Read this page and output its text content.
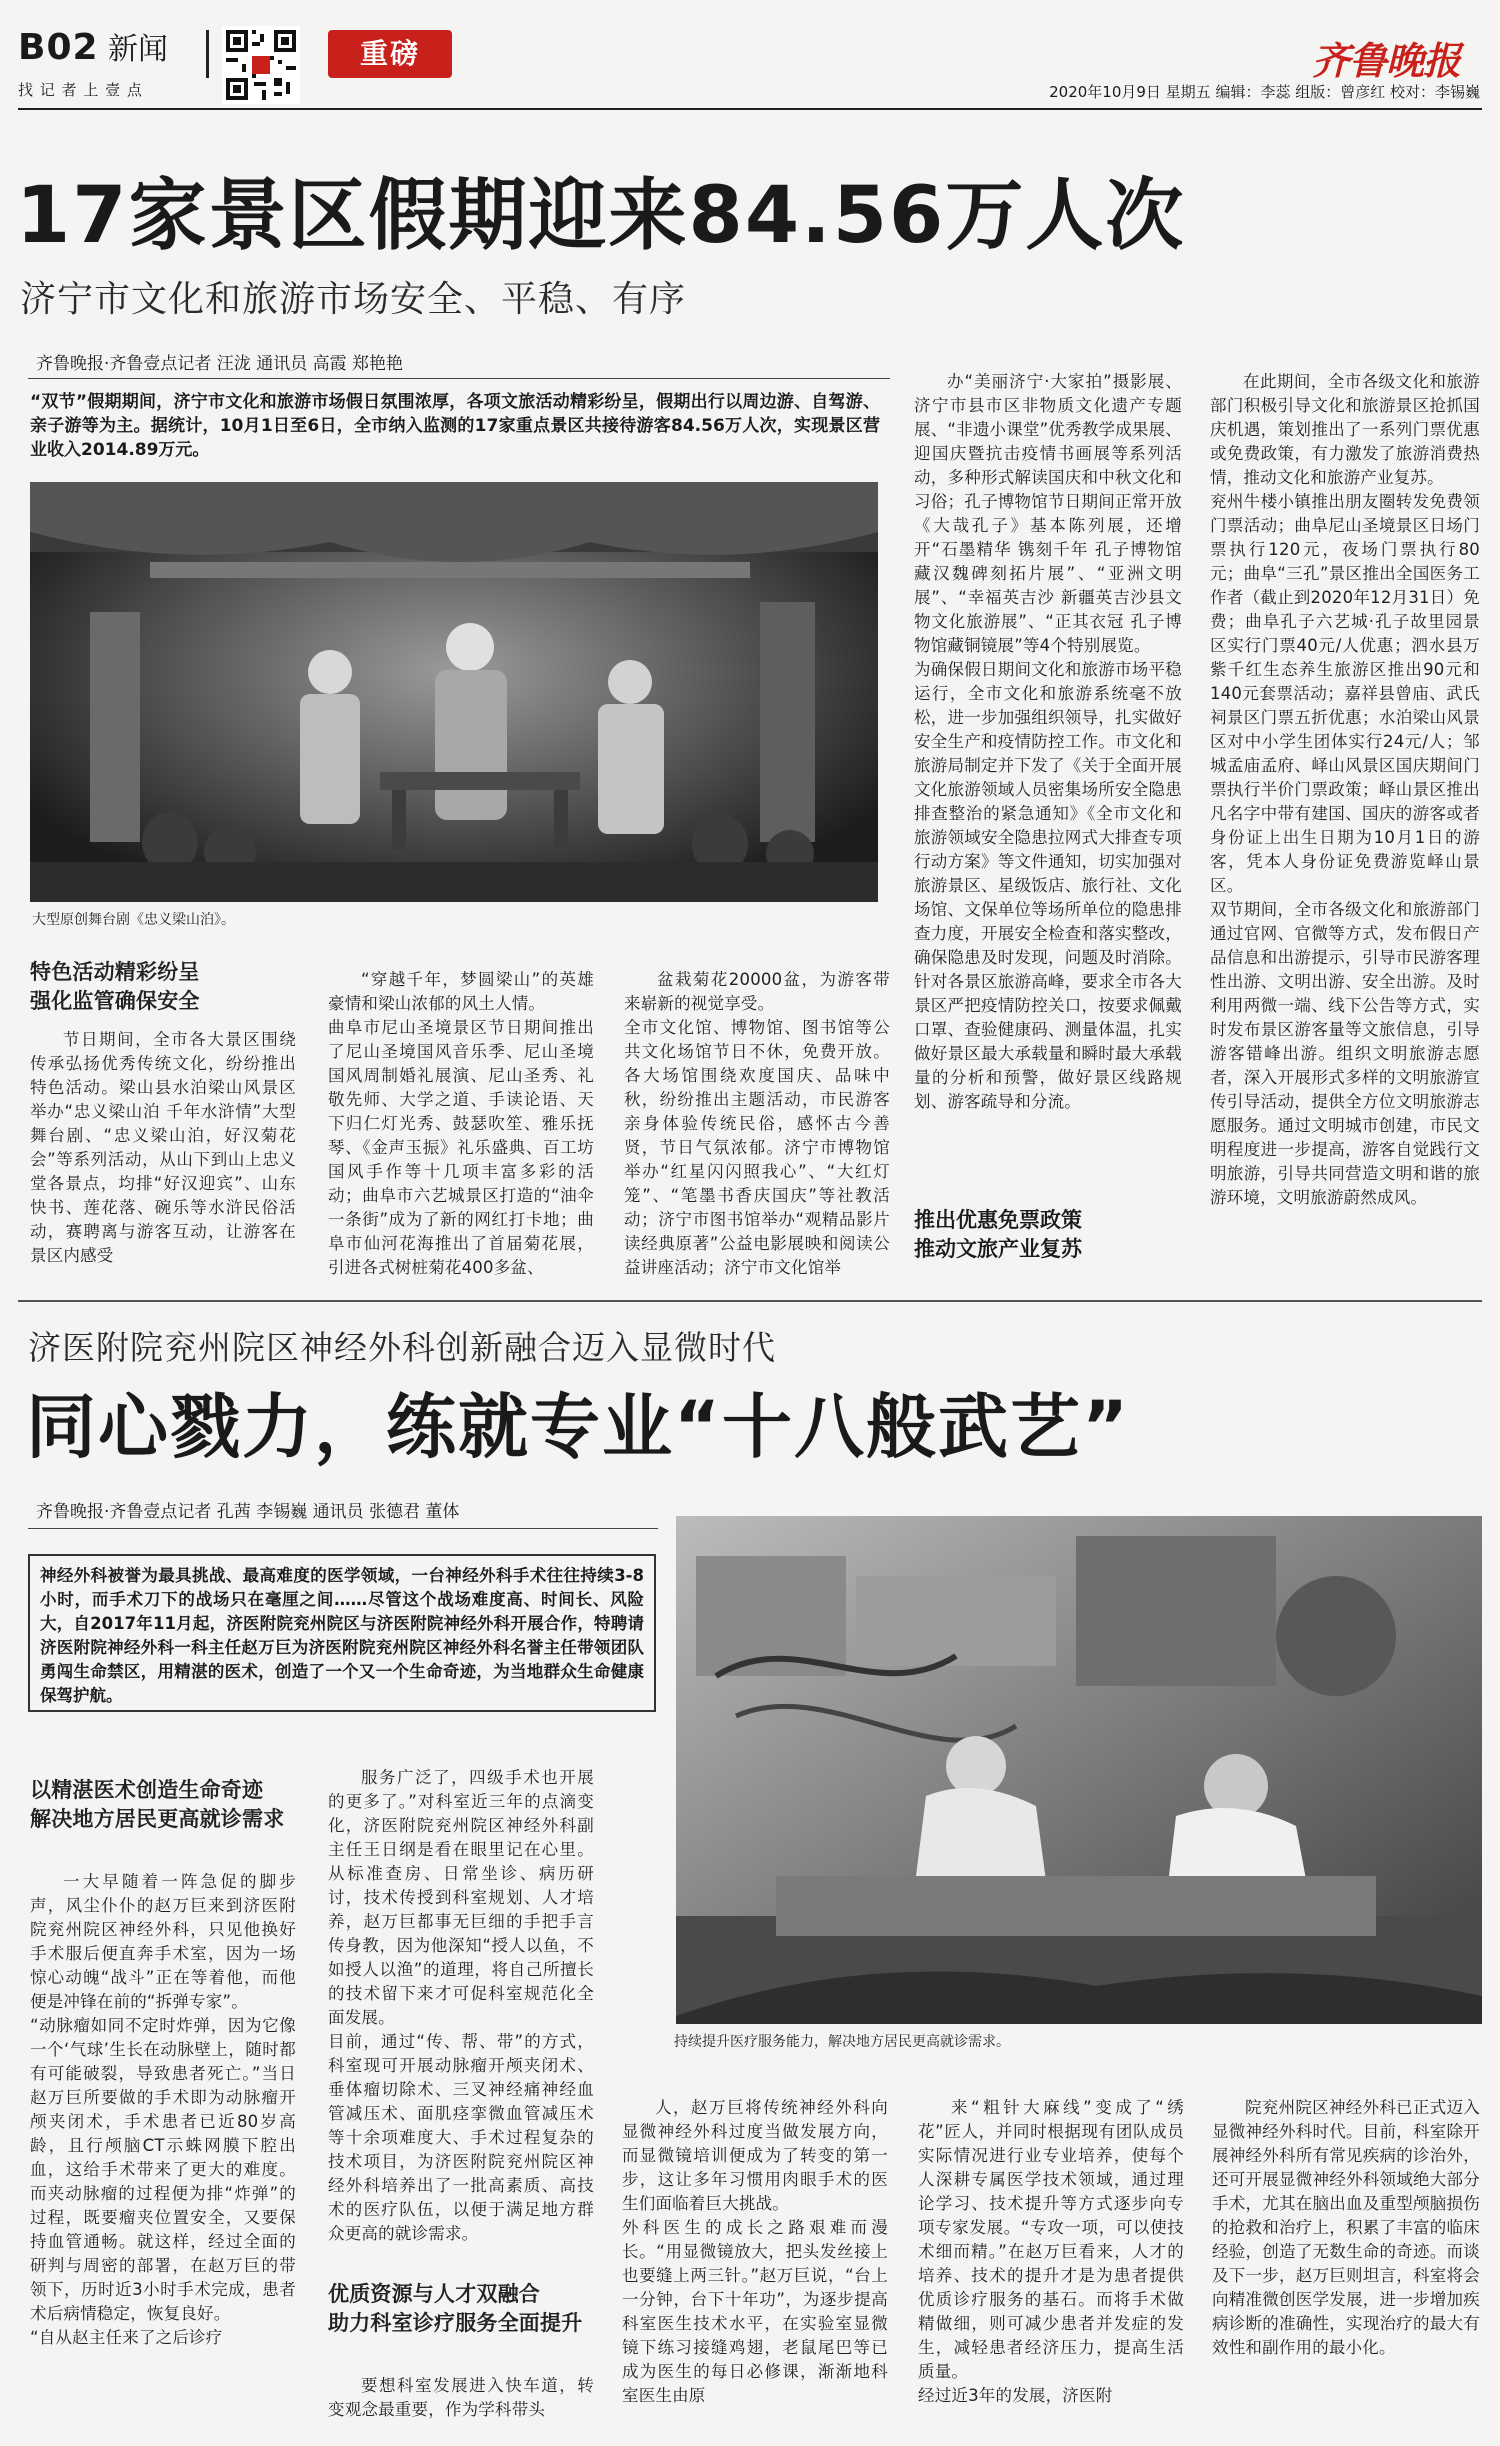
B02 新闻
找 记 者 上 壹 点
重磅	齐鲁晚报
2020年10月9日 星期五 编辑：李蕊 组版：曾彦红 校对：李锡巍
17家景区假期迎来84.56万人次
济宁市文化和旅游市场安全、平稳、有序
齐鲁晚报·齐鲁壹点记者 汪泷 通讯员 高霞 郑艳艳
“双节”假期期间，济宁市文化和旅游市场假日氛围浓厚，各项文旅活动精彩纷呈，假期出行以周边游、自驾游、亲子游等为主。据统计，10月1日至6日，全市纳入监测的17家重点景区共接待游客84.56万人次，实现景区营业收入2014.89万元。
大型原创舞台剧《忠义梁山泊》。
特色活动精彩纷呈
强化监管确保安全

节日期间，全市各大景区围绕传承弘扬优秀传统文化，纷纷推出特色活动。梁山县水泊梁山风景区举办“忠义梁山泊 千年水浒情”大型舞台剧、“忠义梁山泊，好汉菊花会”等系列活动，从山下到山上忠义堂各景点，均排“好汉迎宾”、山东快书、莲花落、碗乐等水浒民俗活动，赛聘离与游客互动，让游客在景区内感受

“穿越千年，梦圆梁山”的英雄豪情和梁山浓郁的风土人情。
曲阜市尼山圣境景区节日期间推出了尼山圣境国风音乐季、尼山圣境国风周制婚礼展演、尼山圣秀、礼敬先师、大学之道、手读论语、天下归仁灯光秀、鼓瑟吹笙、雅乐抚琴、《金声玉振》礼乐盛典、百工坊国风手作等十几项丰富多彩的活动；曲阜市六艺城景区打造的“油伞一条街”成为了新的网红打卡地；曲阜市仙河花海推出了首届菊花展，引进各式树桩菊花400多盆、

盆栽菊花20000盆，为游客带来崭新的视觉享受。
全市文化馆、博物馆、图书馆等公共文化场馆节日不休，免费开放。各大场馆围绕欢度国庆、品味中秋，纷纷推出主题活动，市民游客亲身体验传统民俗，感怀古今善贤，节日气氛浓郁。济宁市博物馆举办“红星闪闪照我心”、“大红灯笼”、“笔墨书香庆国庆”等社教活动；济宁市图书馆举办“观精品影片 读经典原著”公益电影展映和阅读公益讲座活动；济宁市文化馆举

办“美丽济宁·大家拍”摄影展、济宁市县市区非物质文化遗产专题展、“非遗小课堂”优秀教学成果展、迎国庆暨抗击疫情书画展等系列活动，多种形式解读国庆和中秋文化和习俗；孔子博物馆节日期间正常开放《大哉孔子》基本陈列展，还增开“石墨精华 镌刻千年 孔子博物馆藏汉魏碑刻拓片展”、“亚洲文明展”、“幸福英吉沙 新疆英吉沙县文物文化旅游展”、“正其衣冠 孔子博物馆藏铜镜展”等4个特别展览。
为确保假日期间文化和旅游市场平稳运行，全市文化和旅游系统毫不放松，进一步加强组织领导，扎实做好安全生产和疫情防控工作。市文化和旅游局制定并下发了《关于全面开展文化旅游领域人员密集场所安全隐患排查整治的紧急通知》《全市文化和旅游领域安全隐患拉网式大排查专项行动方案》等文件通知，切实加强对旅游景区、星级饭店、旅行社、文化场馆、文保单位等场所单位的隐患排查力度，开展安全检查和落实整改，确保隐患及时发现，问题及时消除。针对各景区旅游高峰，要求全市各大景区严把疫情防控关口，按要求佩戴口罩、查验健康码、测量体温，扎实做好景区最大承载量和瞬时最大承载量的分析和预警，做好景区线路规划、游客疏导和分流。

推出优惠免票政策
推动文旅产业复苏

在此期间，全市各级文化和旅游部门积极引导文化和旅游景区抢抓国庆机遇，策划推出了一系列门票优惠或免费政策，有力激发了旅游消费热情，推动文化和旅游产业复苏。
兖州牛楼小镇推出朋友圈转发免费领门票活动；曲阜尼山圣境景区日场门票执行120元，夜场门票执行80元；曲阜“三孔”景区推出全国医务工作者（截止到2020年12月31日）免费；曲阜孔子六艺城·孔子故里园景区实行门票40元/人优惠；泗水县万紫千红生态养生旅游区推出90元和140元套票活动；嘉祥县曾庙、武氏祠景区门票五折优惠；水泊梁山风景区对中小学生团体实行24元/人；邹城孟庙孟府、峄山风景区国庆期间门票执行半价门票政策；峄山景区推出凡名字中带有建国、国庆的游客或者身份证上出生日期为10月1日的游客，凭本人身份证免费游览峄山景区。
双节期间，全市各级文化和旅游部门通过官网、官微等方式，发布假日产品信息和出游提示，引导市民游客理性出游、文明出游、安全出游。及时利用两微一端、线下公告等方式，实时发布景区游客量等文旅信息，引导游客错峰出游。组织文明旅游志愿者，深入开展形式多样的文明旅游宣传引导活动，提供全方位文明旅游志愿服务。通过文明城市创建，市民文明程度进一步提高，游客自觉践行文明旅游，引导共同营造文明和谐的旅游环境，文明旅游蔚然成风。

济医附院兖州院区神经外科创新融合迈入显微时代
同心戮力，练就专业“十八般武艺”
齐鲁晚报·齐鲁壹点记者 孔茜 李锡巍 通讯员 张德君 董体
神经外科被誉为最具挑战、最高难度的医学领域，一台神经外科手术往往持续3-8小时，而手术刀下的战场只在毫厘之间……尽管这个战场难度高、时间长、风险大，自2017年11月起，济医附院兖州院区与济医附院神经外科开展合作，特聘请济医附院神经外科一科主任赵万巨为济医附院兖州院区神经外科名誉主任带领团队勇闯生命禁区，用精湛的医术，创造了一个又一个生命奇迹，为当地群众生命健康保驾护航。
持续提升医疗服务能力，解决地方居民更高就诊需求。

以精湛医术创造生命奇迹
解决地方居民更高就诊需求

一大早随着一阵急促的脚步声，风尘仆仆的赵万巨来到济医附院兖州院区神经外科，只见他换好手术服后便直奔手术室，因为一场惊心动魄“战斗”正在等着他，而他便是冲锋在前的“拆弹专家”。
“动脉瘤如同不定时炸弹，因为它像一个‘气球’生长在动脉壁上，随时都有可能破裂，导致患者死亡。”当日赵万巨所要做的手术即为动脉瘤开颅夹闭术，手术患者已近80岁高龄，且行颅脑CT示蛛网膜下腔出血，这给手术带来了更大的难度。而夹动脉瘤的过程便为排“炸弹”的过程，既要瘤夹位置安全，又要保持血管通畅。就这样，经过全面的研判与周密的部署，在赵万巨的带领下，历时近3小时手术完成，患者术后病情稳定，恢复良好。
“自从赵主任来了之后诊疗

服务广泛了，四级手术也开展的更多了。”对科室近三年的点滴变化，济医附院兖州院区神经外科副主任王日纲是看在眼里记在心里。从标准查房、日常坐诊、病历研讨，技术传授到科室规划、人才培养，赵万巨都事无巨细的手把手言传身教，因为他深知“授人以鱼，不如授人以渔”的道理，将自己所擅长的技术留下来才可促科室规范化全面发展。
目前，通过“传、帮、带”的方式，科室现可开展动脉瘤开颅夹闭术、垂体瘤切除术、三叉神经痛神经血管减压术、面肌痉挛微血管减压术等十余项难度大、手术过程复杂的技术项目，为济医附院兖州院区神经外科培养出了一批高素质、高技术的医疗队伍，以便于满足地方群众更高的就诊需求。

优质资源与人才双融合
助力科室诊疗服务全面提升

要想科室发展进入快车道，转变观念最重要，作为学科带头

人，赵万巨将传统神经外科向显微神经外科过度当做发展方向，而显微镜培训便成为了转变的第一步，这让多年习惯用肉眼手术的医生们面临着巨大挑战。
外科医生的成长之路艰难而漫长。“用显微镜放大，把头发丝接上也要缝上两三针。”赵万巨说，“台上一分钟，台下十年功”，为逐步提高科室医生技术水平，在实验室显微镜下练习接缝鸡翅，老鼠尾巴等已成为医生的每日必修课，渐渐地科室医生由原

来“粗针大麻线”变成了“绣花”匠人，并同时根据现有团队成员实际情况进行业专业培养，使每个人深耕专属医学技术领域，通过理论学习、技术提升等方式逐步向专项专家发展。“专攻一项，可以使技术细而精。”在赵万巨看来，人才的培养、技术的提升才是为患者提供优质诊疗服务的基石。而将手术做精做细，则可减少患者并发症的发生，减轻患者经济压力，提高生活质量。
经过近3年的发展，济医附

院兖州院区神经外科已正式迈入显微神经外科时代。目前，科室除开展神经外科所有常见疾病的诊治外，还可开展显微神经外科领域绝大部分手术，尤其在脑出血及重型颅脑损伤的抢救和治疗上，积累了丰富的临床经验，创造了无数生命的奇迹。而谈及下一步，赵万巨则坦言，科室将会向精准微创医学发展，进一步增加疾病诊断的准确性，实现治疗的最大有效性和副作用的最小化。
